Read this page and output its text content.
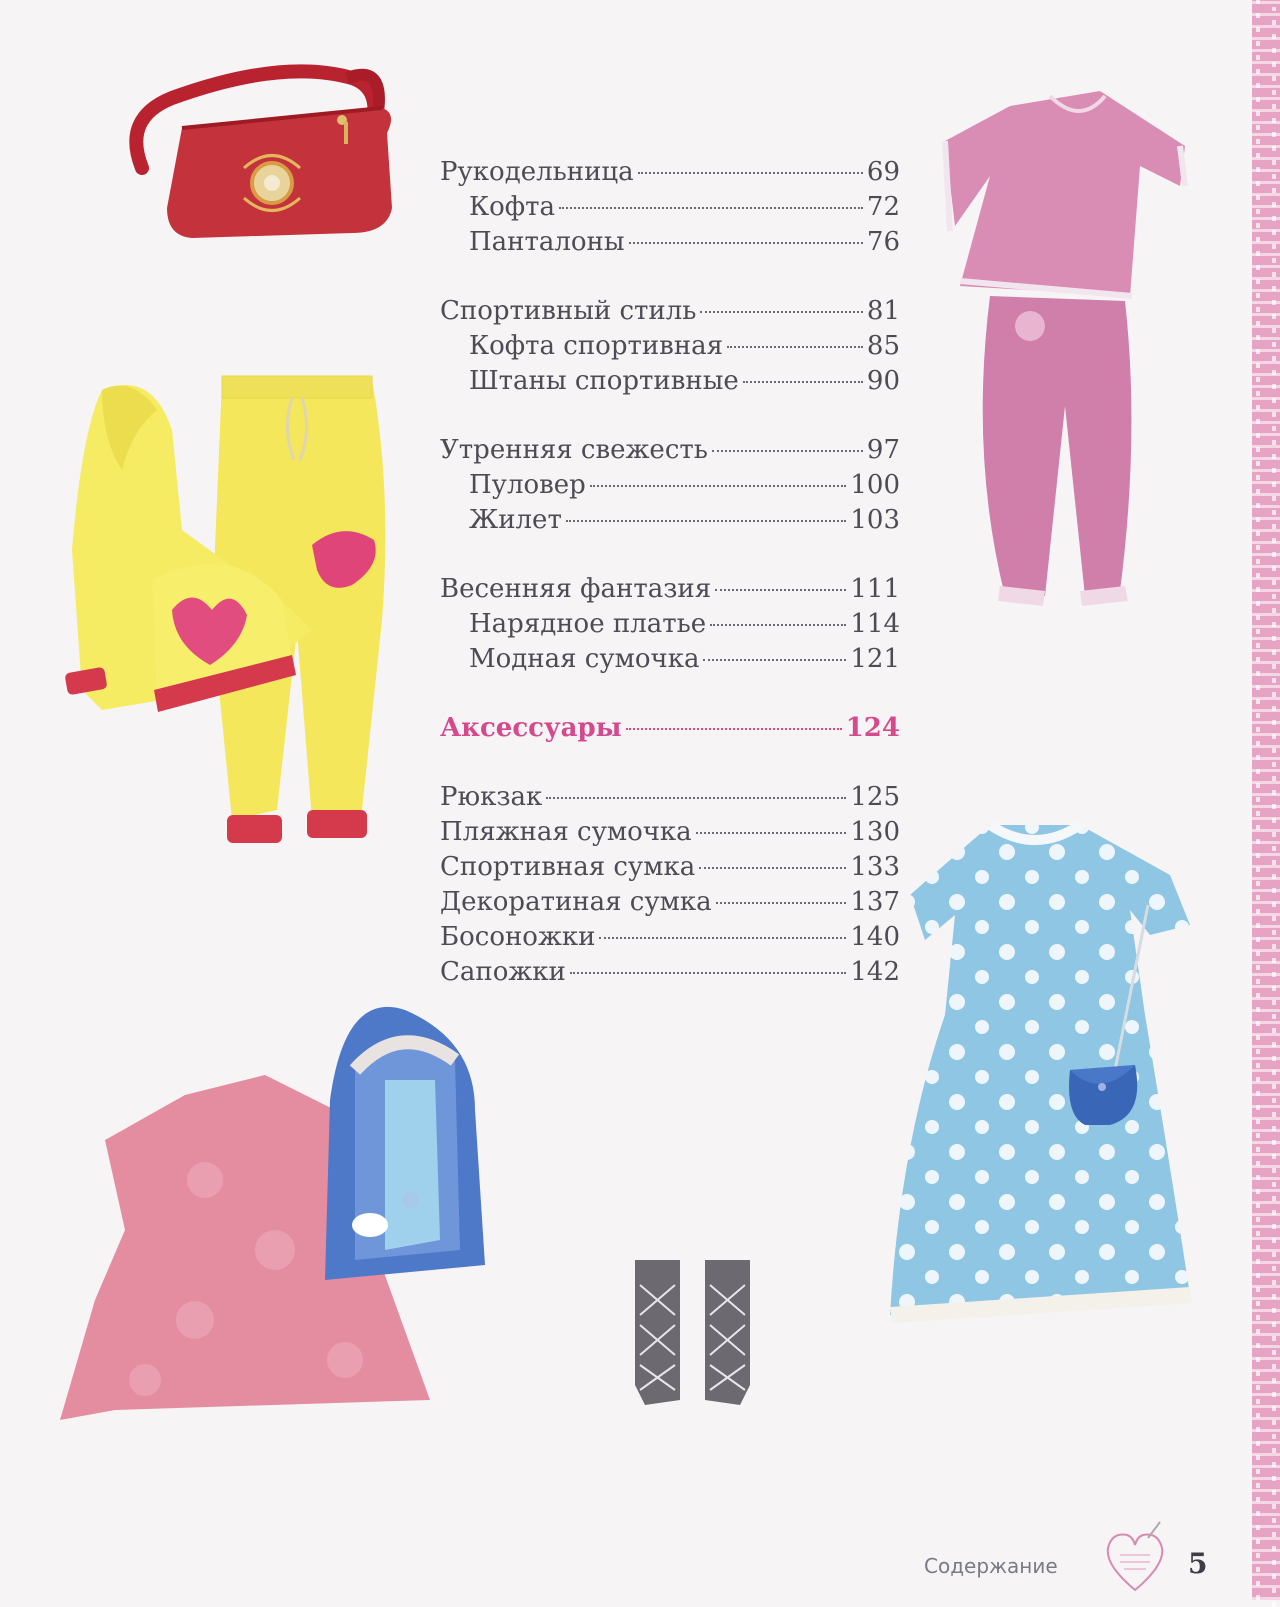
Рукодельница	69
Кофта	72
Панталоны	76
Спортивный стиль	81
Кофта спортивная	85
Штаны спортивные	90
Утренняя свежесть	97
Пуловер	100
Жилет	103
Весенняя фантазия	111
Нарядное платье	114
Модная сумочка	121
Аксессуары	124
Рюкзак	125
Пляжная сумочка	130
Спортивная сумка	133
Декоратиная сумка	137
Босоножки	140
Сапожки	142
Содержание	5
